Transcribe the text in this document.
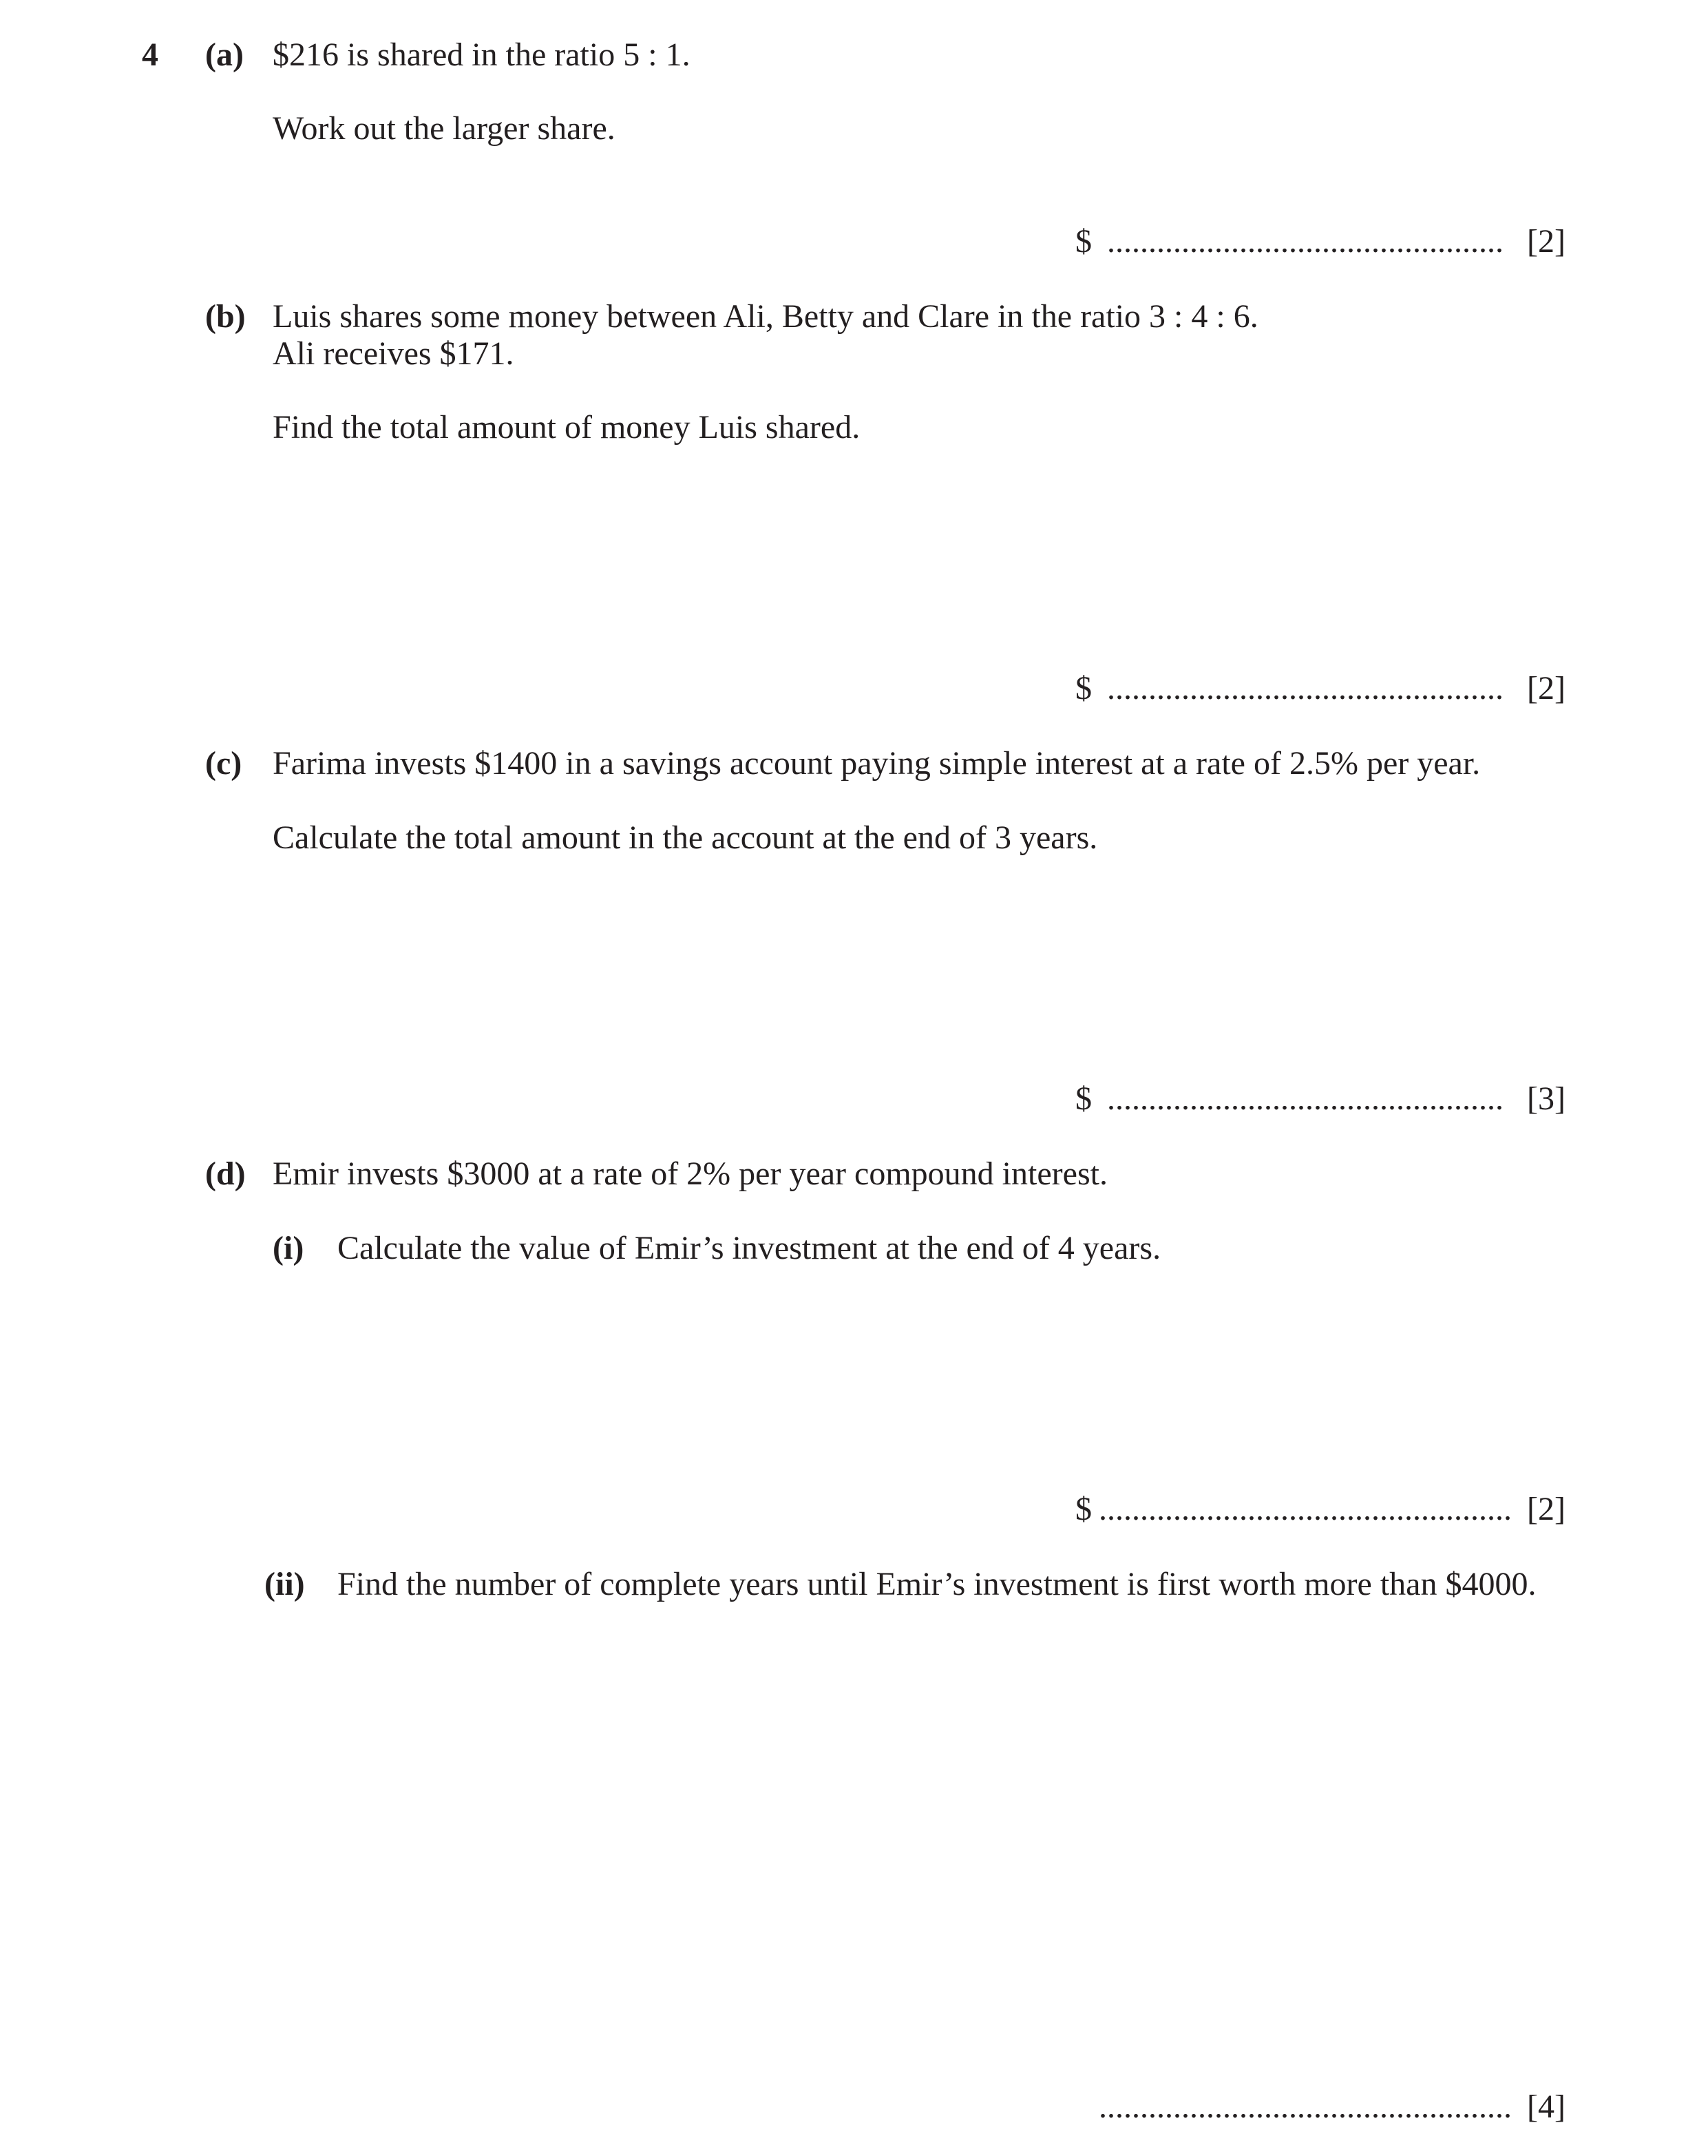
4 (a) $216 is shared in the ratio 5 : 1.
Work out the larger share.
$ ................................................ [2]
(b) Luis shares some money between Ali, Betty and Clare in the ratio 3 : 4 : 6.
Ali receives $171.
Find the total amount of money Luis shared.
$ ................................................ [2]
(c) Farima invests $1400 in a savings account paying simple interest at a rate of 2.5% per year.
Calculate the total amount in the account at the end of 3 years.
$ ................................................ [3]
(d) Emir invests $3000 at a rate of 2% per year compound interest.
(i) Calculate the value of Emir’s investment at the end of 4 years.
$ .................................................. [2]
(ii) Find the number of complete years until Emir’s investment is first worth more than $4000.
.................................................. [4]
